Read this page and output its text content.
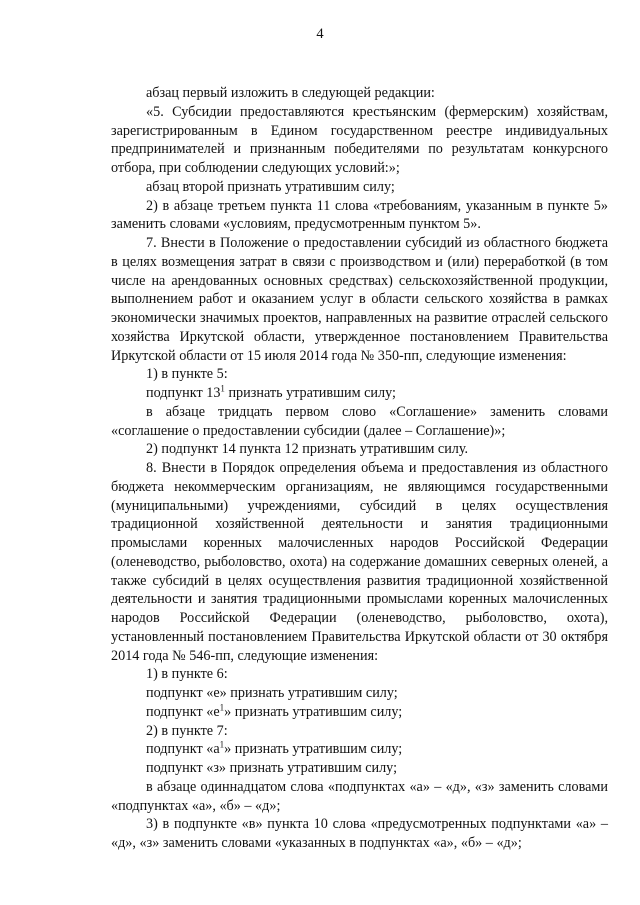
4

абзац первый изложить в следующей редакции:

«5. Субсидии предоставляются крестьянским (фермерским) хозяйствам, зарегистрированным в Едином государственном реестре индивидуальных предпринимателей и признанным победителями по результатам конкурсного отбора, при соблюдении следующих условий:»;

абзац второй признать утратившим силу;

2) в абзаце третьем пункта 11 слова «требованиям, указанным в пункте 5» заменить словами «условиям, предусмотренным пунктом 5».

7. Внести в Положение о предоставлении субсидий из областного бюджета в целях возмещения затрат в связи с производством и (или) переработкой (в том числе на арендованных основных средствах) сельскохозяйственной продукции, выполнением работ и оказанием услуг в области сельского хозяйства в рамках экономически значимых проектов, направленных на развитие отраслей сельского хозяйства Иркутской области, утвержденное постановлением Правительства Иркутской области от 15 июля 2014 года № 350-пп, следующие изменения:

1) в пункте 5:

подпункт $13^1$ признать утратившим силу;

в абзаце тридцать первом слово «Соглашение» заменить словами «соглашение о предоставлении субсидии (далее – Соглашение)»;

2) подпункт 14 пункта 12 признать утратившим силу.

8. Внести в Порядок определения объема и предоставления из областного бюджета некоммерческим организациям, не являющимся государственными (муниципальными) учреждениями, субсидий в целях осуществления традиционной хозяйственной деятельности и занятия традиционными промыслами коренных малочисленных народов Российской Федерации (оленеводство, рыболовство, охота) на содержание домашних северных оленей, а также субсидий в целях осуществления развития традиционной хозяйственной деятельности и занятия традиционными промыслами коренных малочисленных народов Российской Федерации (оленеводство, рыболовство, охота), установленный постановлением Правительства Иркутской области от 30 октября 2014 года № 546-пп, следующие изменения:

1) в пункте 6:

подпункт «е» признать утратившим силу;

подпункт «$е^1$» признать утратившим силу;

2) в пункте 7:

подпункт «$а^1$» признать утратившим силу;

подпункт «з» признать утратившим силу;

в абзаце одиннадцатом слова «подпунктах «а» – «д», «з» заменить словами «подпунктах «а», «б» – «д»;

3) в подпункте «в» пункта 10 слова «предусмотренных подпунктами «а» – «д», «з» заменить словами «указанных в подпунктах «а», «б» – «д»;
